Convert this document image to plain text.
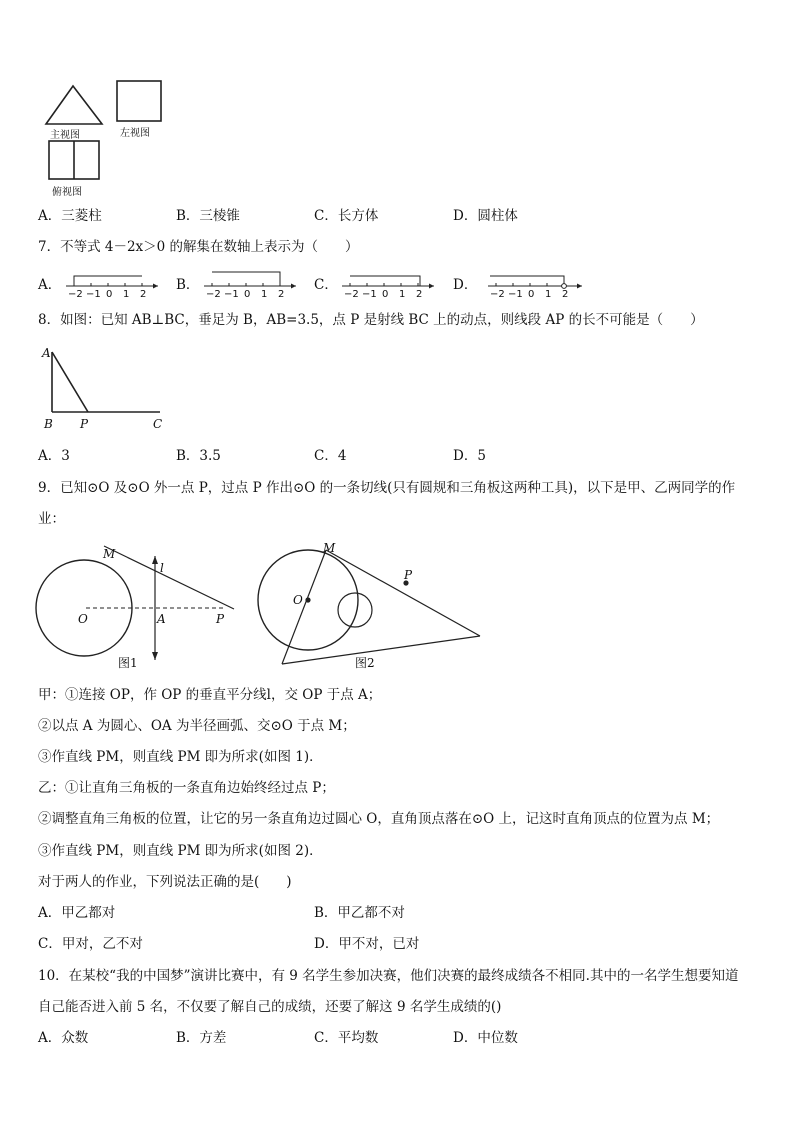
主视图	左视图
俯视图
A．三菱柱	B．三棱锥	C．长方体	D．圆柱体
7．不等式 4－2x＞0 的解集在数轴上表示为（　　）
A．	B．	C．	D．
−2 −1 0 1 2	−2 −1 0 1 2	−2 −1 0 1 2	−2 −1 0 1 2
8．如图：已知 AB⊥BC，垂足为 B，AB=3.5，点 P 是射线 BC 上的动点，则线段 AP 的长不可能是（　　）
A
B P	C
A．3	B．3.5	C．4	D．5
9．已知⊙O 及⊙O 外一点 P，过点 P 作出⊙O 的一条切线(只有圆规和三角板这两种工具)，以下是甲、乙两同学的作
业：
M
l
O	A	P
图1
M
P
O
图2
甲：①连接 OP，作 OP 的垂直平分线l，交 OP 于点 A；
②以点 A 为圆心、OA 为半径画弧、交⊙O 于点 M；
③作直线 PM，则直线 PM 即为所求(如图 1)．
乙：①让直角三角板的一条直角边始终经过点 P；
②调整直角三角板的位置，让它的另一条直角边过圆心 O，直角顶点落在⊙O 上，记这时直角顶点的位置为点 M；
③作直线 PM，则直线 PM 即为所求(如图 2)．
对于两人的作业，下列说法正确的是(　　)
A．甲乙都对	B．甲乙都不对
C．甲对，乙不对	D．甲不对，已对
10．在某校“我的中国梦”演讲比赛中，有 9 名学生参加决赛，他们决赛的最终成绩各不相同.其中的一名学生想要知道
自己能否进入前 5 名，不仅要了解自己的成绩，还要了解这 9 名学生成绩的()
A．众数	B．方差	C．平均数	D．中位数
